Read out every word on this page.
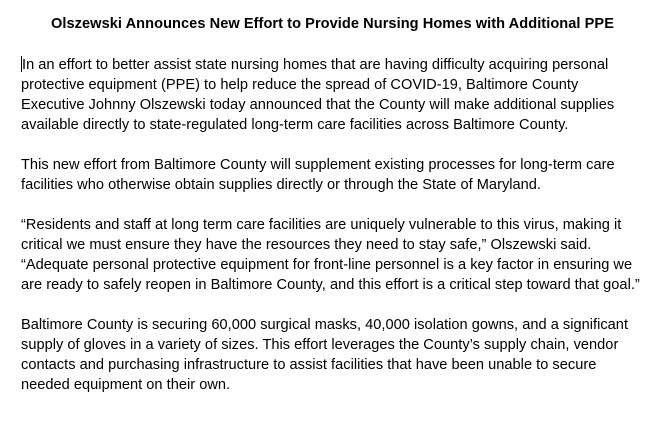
Olszewski Announces New Effort to Provide Nursing Homes with Additional PPE

In an effort to better assist state nursing homes that are having difficulty acquiring personal
protective equipment (PPE) to help reduce the spread of COVID-19, Baltimore County
Executive Johnny Olszewski today announced that the County will make additional supplies
available directly to state-regulated long-term care facilities across Baltimore County.

This new effort from Baltimore County will supplement existing processes for long-term care
facilities who otherwise obtain supplies directly or through the State of Maryland.

“Residents and staff at long term care facilities are uniquely vulnerable to this virus, making it
critical we must ensure they have the resources they need to stay safe,” Olszewski said.
“Adequate personal protective equipment for front-line personnel is a key factor in ensuring we
are ready to safely reopen in Baltimore County, and this effort is a critical step toward that goal.”

Baltimore County is securing 60,000 surgical masks, 40,000 isolation gowns, and a significant
supply of gloves in a variety of sizes. This effort leverages the County’s supply chain, vendor
contacts and purchasing infrastructure to assist facilities that have been unable to secure
needed equipment on their own.
